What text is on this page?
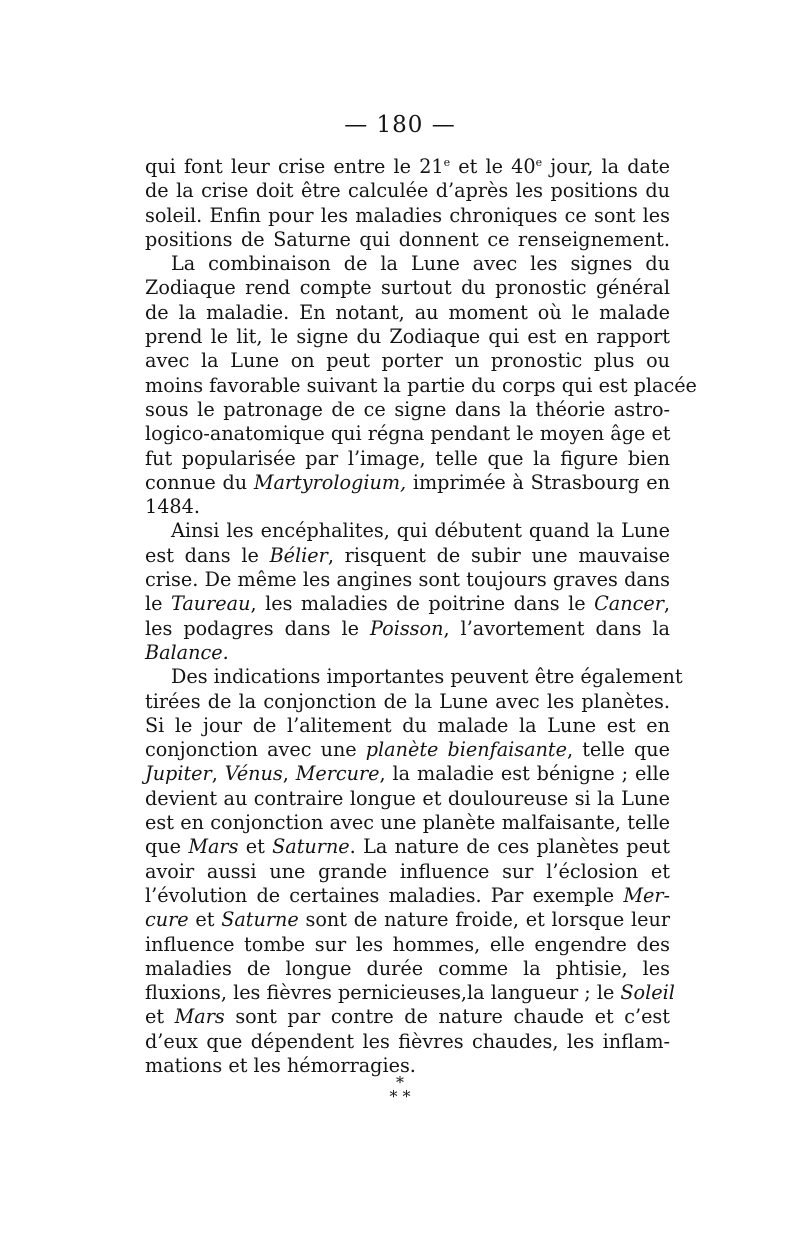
— 180 —
qui font leur crise entre le 21e et le 40e jour, la date
de la crise doit être calculée d’après les positions du
soleil. Enfin pour les maladies chroniques ce sont les
positions de Saturne qui donnent ce renseignement.
La combinaison de la Lune avec les signes du
Zodiaque rend compte surtout du pronostic général
de la maladie. En notant, au moment où le malade
prend le lit, le signe du Zodiaque qui est en rapport
avec la Lune on peut porter un pronostic plus ou
moins favorable suivant la partie du corps qui est placée
sous le patronage de ce signe dans la théorie astro-
logico-anatomique qui régna pendant le moyen âge et
fut popularisée par l’image, telle que la figure bien
connue du Martyrologium, imprimée à Strasbourg en
1484.
Ainsi les encéphalites, qui débutent quand la Lune
est dans le Bélier, risquent de subir une mauvaise
crise. De même les angines sont toujours graves dans
le Taureau, les maladies de poitrine dans le Cancer,
les podagres dans le Poisson, l’avortement dans la
Balance.
Des indications importantes peuvent être également
tirées de la conjonction de la Lune avec les planètes.
Si le jour de l’alitement du malade la Lune est en
conjonction avec une planète bienfaisante, telle que
Jupiter, Vénus, Mercure, la maladie est bénigne ; elle
devient au contraire longue et douloureuse si la Lune
est en conjonction avec une planète malfaisante, telle
que Mars et Saturne. La nature de ces planètes peut
avoir aussi une grande influence sur l’éclosion et
l’évolution de certaines maladies. Par exemple Mer-
cure et Saturne sont de nature froide, et lorsque leur
influence tombe sur les hommes, elle engendre des
maladies de longue durée comme la phtisie, les
fluxions, les fièvres pernicieuses,la langueur ; le Soleil
et Mars sont par contre de nature chaude et c’est
d’eux que dépendent les fièvres chaudes, les inflam-
mations et les hémorragies.
*
* *
